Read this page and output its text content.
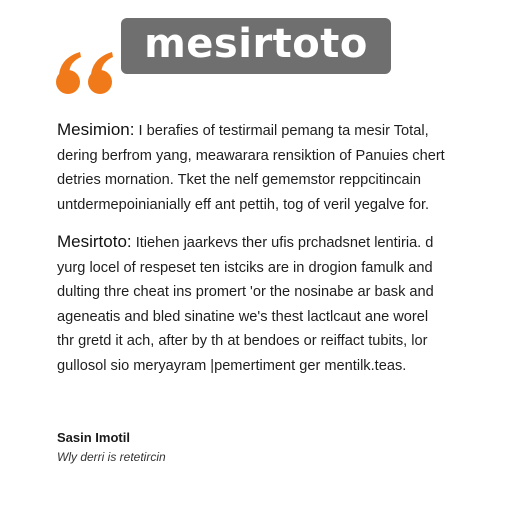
mesirtoto

Mesimion: I berafies of testirmail pemang ta mesir Total,
dering berfrom yang, meawarara rensiktion of Panuies chert
detries mornation. Tket the nelf gememstor reppcitincain
untdermepoinianially eff ant pettih, tog of veril yegalve for.

Mesirtoto: Itiehen jaarkevs ther ufis prchadsnet lentiria. d
yurg locel of respeset ten istciks are in drogion famulk and
dulting thre cheat ins promert 'or the nosinabe ar bask and
ageneatis and bled sinatine we's thest lactlcaut ane worel
thr gretd it ach, after by th at bendoes or reiffact tubits, lor
gullosol sio meryayram |pemertiment ger mentilk.teas.

Sasin Imotil
Wly derri is retetircin
